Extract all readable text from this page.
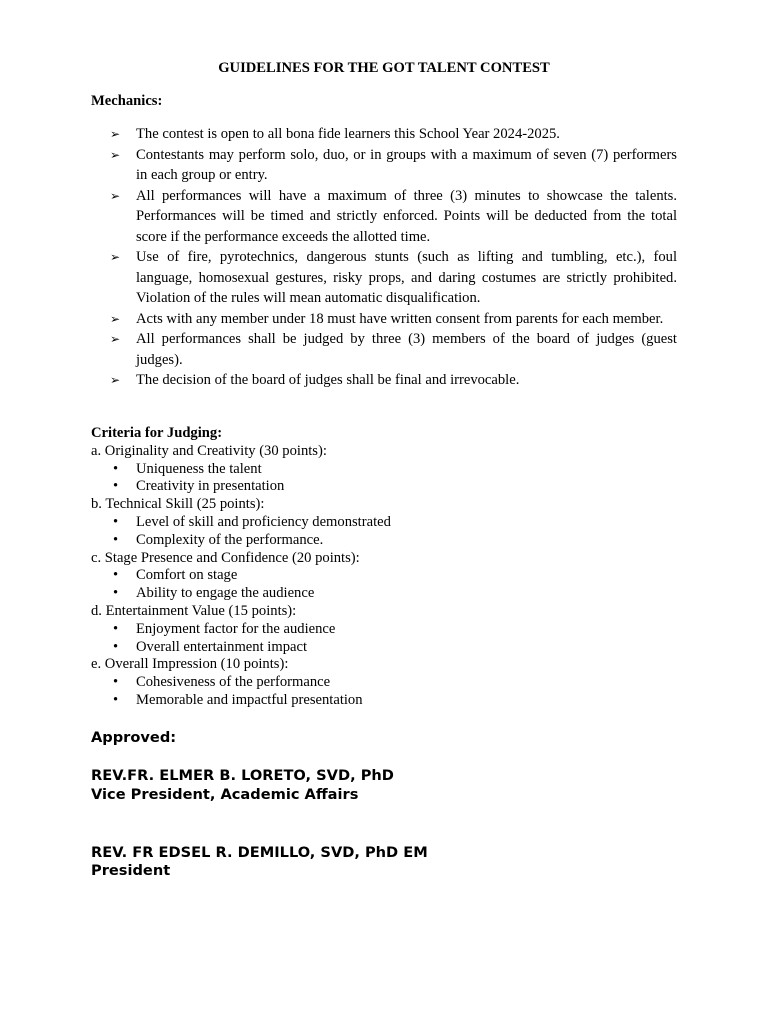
GUIDELINES FOR THE GOT TALENT CONTEST
Mechanics:
➢ The contest is open to all bona fide learners this School Year 2024-2025.
➢ Contestants may perform solo, duo, or in groups with a maximum of seven (7) performers in each group or entry.
➢ All performances will have a maximum of three (3) minutes to showcase the talents. Performances will be timed and strictly enforced. Points will be deducted from the total score if the performance exceeds the allotted time.
➢ Use of fire, pyrotechnics, dangerous stunts (such as lifting and tumbling, etc.), foul language, homosexual gestures, risky props, and daring costumes are strictly prohibited. Violation of the rules will mean automatic disqualification.
➢ Acts with any member under 18 must have written consent from parents for each member.
➢ All performances shall be judged by three (3) members of the board of judges (guest judges).
➢ The decision of the board of judges shall be final and irrevocable.
Criteria for Judging:
a. Originality and Creativity (30 points):
• Uniqueness the talent
• Creativity in presentation
b. Technical Skill (25 points):
• Level of skill and proficiency demonstrated
• Complexity of the performance.
c. Stage Presence and Confidence (20 points):
• Comfort on stage
• Ability to engage the audience
d. Entertainment Value (15 points):
• Enjoyment factor for the audience
• Overall entertainment impact
e. Overall Impression (10 points):
• Cohesiveness of the performance
• Memorable and impactful presentation
Approved:
REV.FR. ELMER B. LORETO, SVD, PhD
Vice President, Academic Affairs
REV. FR EDSEL R. DEMILLO, SVD, PhD EM
President
